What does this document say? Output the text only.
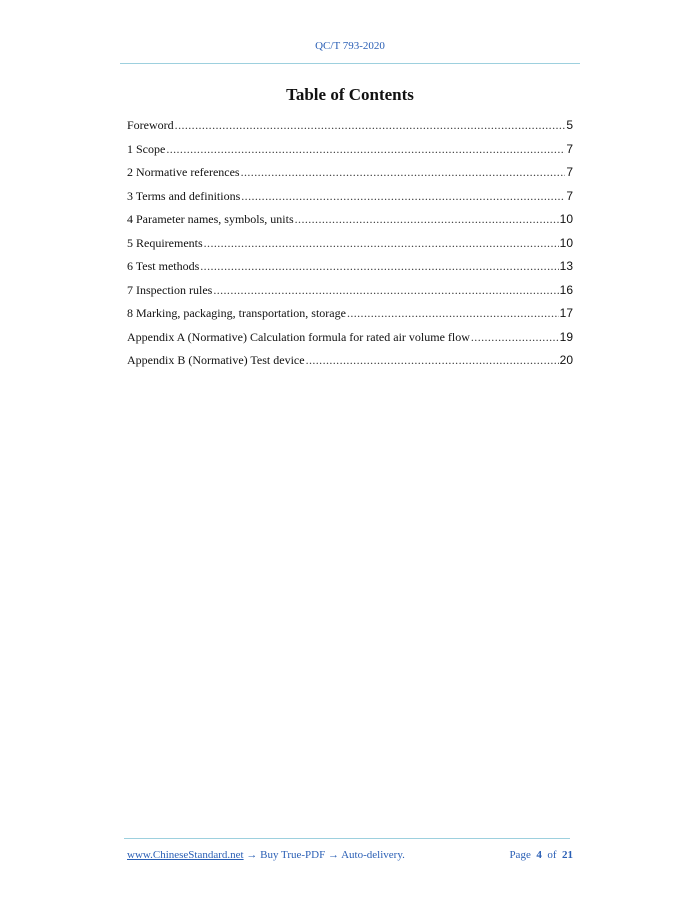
QC/T 793-2020
Table of Contents
Foreword . . .	5
1 Scope . . .	7
2 Normative references . . .	7
3 Terms and definitions . . .	7
4 Parameter names, symbols, units . . .	10
5 Requirements . . .	10
6 Test methods . . .	13
7 Inspection rules . . .	16
8 Marking, packaging, transportation, storage . . .	17
Appendix A (Normative) Calculation formula for rated air volume flow . . .	19
Appendix B (Normative) Test device . . .	20
www.ChineseStandard.net → Buy True-PDF → Auto-delivery.	Page 4 of 21
